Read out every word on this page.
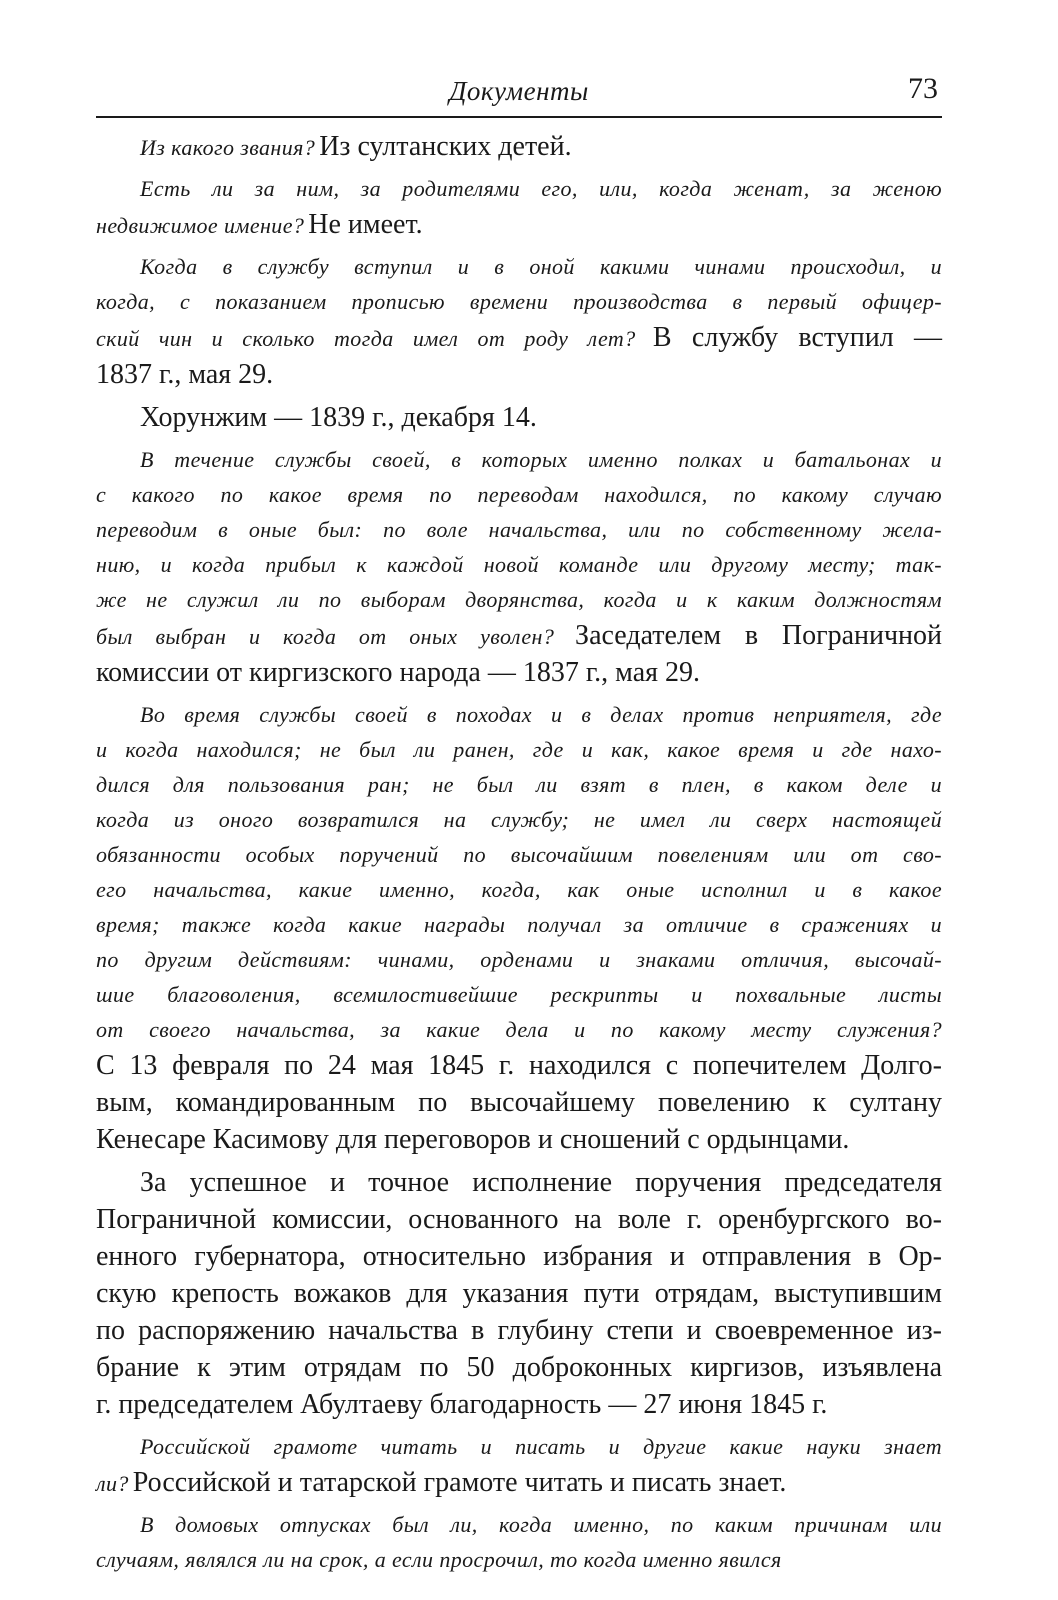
Документы	73
Из какого звания? Из султанских детей.
Есть ли за ним, за родителями его, или, когда женат, за женою
недвижимое имение? Не имеет.
Когда в службу вступил и в оной какими чинами происходил, и
когда, с показанием прописью времени производства в первый офицер-
ский чин и сколько тогда имел от роду лет? В службу вступил —
1837 г., мая 29.
Хорунжим — 1839 г., декабря 14.
В течение службы своей, в которых именно полках и батальонах и
с какого по какое время по переводам находился, по какому случаю
переводим в оные был: по воле начальства, или по собственному жела-
нию, и когда прибыл к каждой новой команде или другому месту; так-
же не служил ли по выборам дворянства, когда и к каким должностям
был выбран и когда от оных уволен? Заседателем в Пограничной
комиссии от киргизского народа — 1837 г., мая 29.
Во время службы своей в походах и в делах против неприятеля, где
и когда находился; не был ли ранен, где и как, какое время и где нахо-
дился для пользования ран; не был ли взят в плен, в каком деле и
когда из оного возвратился на службу; не имел ли сверх настоящей
обязанности особых поручений по высочайшим повелениям или от сво-
его начальства, какие именно, когда, как оные исполнил и в какое
время; также когда какие награды получал за отличие в сражениях и
по другим действиям: чинами, орденами и знаками отличия, высочай-
шие благоволения, всемилостивейшие рескрипты и похвальные листы
от своего начальства, за какие дела и по какому месту служения?
С 13 февраля по 24 мая 1845 г. находился с попечителем Долго-
вым, командированным по высочайшему повелению к султану
Кенесаре Касимову для переговоров и сношений с ордынцами.
За успешное и точное исполнение поручения председателя
Пограничной комиссии, основанного на воле г. оренбургского во-
енного губернатора, относительно избрания и отправления в Ор-
скую крепость вожаков для указания пути отрядам, выступившим
по распоряжению начальства в глубину степи и своевременное из-
брание к этим отрядам по 50 доброконных киргизов, изъявлена
г. председателем Абултаеву благодарность — 27 июня 1845 г.
Российской грамоте читать и писать и другие какие науки знает
ли? Российской и татарской грамоте читать и писать знает.
В домовых отпусках был ли, когда именно, по каким причинам или
случаям, являлся ли на срок, а если просрочил, то когда именно явился
